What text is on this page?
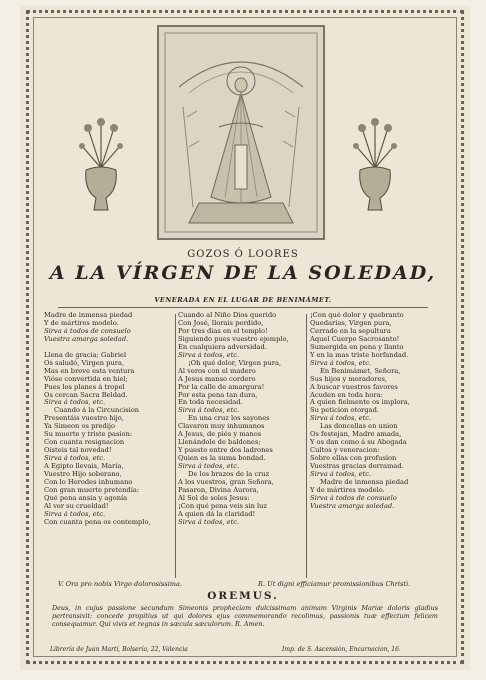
GOZOS Ó LOORES
A LA VÍRGEN DE LA SOLEDAD,
VENERADA EN EL LUGAR DE BENIMÁMET.
Madre de inmensa piedad
Y de mártires modelo.
Sirva á todos de consuelo
Vuestra amarga soledad.

Llena de gracia; Gabriel
Os saludó, Virgen pura,
Mas en breve esta ventura
Vióse convertida en hiel;
Pues los planes á tropel
Os cercan Sacra Beldad.
Sirva á todos, etc.
Cuando á la Circuncision
Presentáis vuestro hijo,
Ya Simeon os predijo
Su muerte y triste pasion:
Con cuanta resignacion
Oisteis tal novedad!
Sirva á todos, etc.
A Egipto llevais, María,
Vuestro Hijo soberano,
Con lo Herodes inhumano
Con gran muerte pretendía:
Qué pena ansia y agonía
Al ver su crueldad!
Sirva á todos, etc.
Con cuanta pena os contemplo,
Cuando al Niño Dios querido
Con José, llorais perdido,
Por tres dias en el templo!
Siguiendo pues vuestro ejemplo,
En cualquiera adversidad.
Sirva á todos, etc.
¡Oh qué dolor, Virgen pura,
Al veros con el madero
A Jesus manso cordero
Por la calle de amargura!
Por esta pena tan dura,
En toda necesidad.
Sirva á todos, etc.
En una cruz los sayones
Clavaron muy inhumanos
A Jesus, de piés y manos
Llenándole de baldones;
Y puesto entre dos ladrones
Quien es la suma bondad.
Sirva á todos, etc.
De los brazos de la cruz
A los vuestros, gran Señora,
Pasaron, Divina Aurora,
Al Sol de soles Jesus:
¡Con qué pena veis sin luz
A quien dá la claridad!
Sirva á todos, etc.
¡Con qué dolor y quebranto
Quedarias, Virgen pura,
Cerrado en la sepultura
Aquel Cuerpo Sacrosanto!
Sumergida en pena y llanto
Y en la mas triste horfandad.
Sirva á todos, etc.
En Benimámet, Señora,
Sus hijos y moradores,
A buscar vuestros favores
Acuden en toda hora:
A quien fielmente os implora,
Su peticion otorgad.
Sirva á todos, etc.
Las doncellas en union
Os festejan, Madre amada,
Y os dan como á su Abogada
Cultos y veneracion:
Sobre ellas con profusion
Vuestras gracias derramad.
Sirva á todos, etc.
Madre de inmensa piedad
Y de mártires modelo.
Sirva á todos de consuelo
Vuestra amarga soledad.
V. Ora pro nobis Virgo dolorosissima.	R. Ut digni efficiamur promissionibus Christi.
OREMUS.
Deus, in cujus passione secundum Simeonis propheciam dulcissimam animam Virginis Mariæ doloris gladius pertransivit: concede propitius ut qui dolores ejus commemorando recolimus, passionis tuæ effectum felicem consequamur. Qui vivis et regnas in sæcula sæculorum. R. Amen.
Librería de Juan Martí, Bolsería, 22, Valencia	Imp. de S. Ascensión, Encarnacion, 16.
